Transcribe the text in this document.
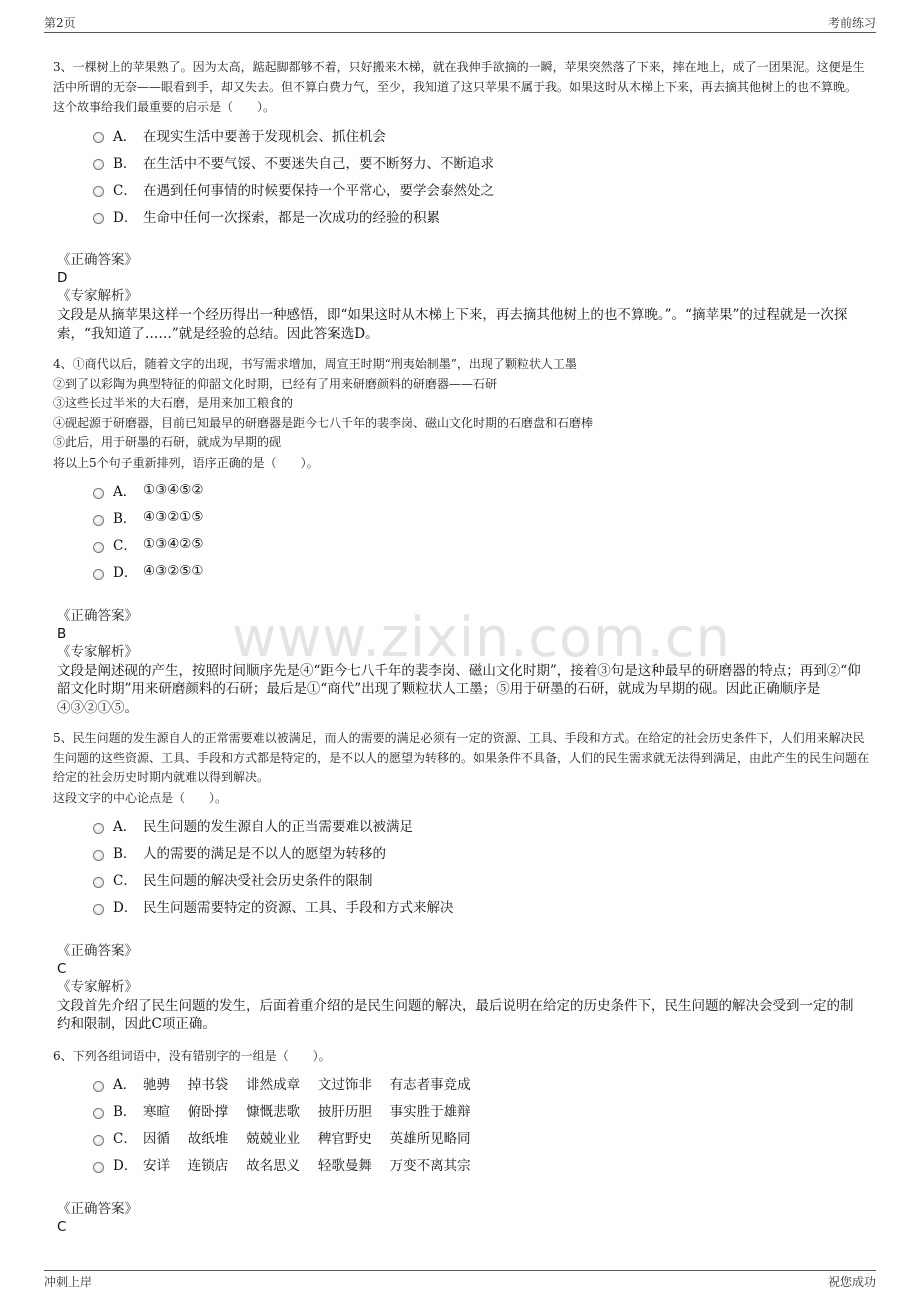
第2页	考前练习
www.zixin.com.cn
3、一棵树上的苹果熟了。因为太高，踮起脚都够不着，只好搬来木梯，就在我伸手欲摘的一瞬，苹果突然落了下来，摔在地上，成了一团果泥。这便是生活中所谓的无奈——眼看到手，却又失去。但不算白费力气，至少，我知道了这只苹果不属于我。如果这时从木梯上下来，再去摘其他树上的也不算晚。
这个故事给我们最重要的启示是（　　）。
A． 在现实生活中要善于发现机会、抓住机会
B． 在生活中不要气馁、不要迷失自己，要不断努力、不断追求
C． 在遇到任何事情的时候要保持一个平常心，要学会泰然处之
D． 生命中任何一次探索，都是一次成功的经验的积累
《正确答案》
D
《专家解析》
文段是从摘苹果这样一个经历得出一种感悟，即“如果这时从木梯上下来，再去摘其他树上的也不算晚。”。“摘苹果”的过程就是一次探索，“我知道了……”就是经验的总结。因此答案选D。
4、①商代以后，随着文字的出现，书写需求增加，周宣王时期“刑夷始制墨”，出现了颗粒状人工墨
②到了以彩陶为典型特征的仰韶文化时期，已经有了用来研磨颜料的研磨器——石研
③这些长过半米的大石磨，是用来加工粮食的
④砚起源于研磨器，目前已知最早的研磨器是距今七八千年的裴李岗、磁山文化时期的石磨盘和石磨棒
⑤此后，用于研墨的石研，就成为早期的砚
将以上5个句子重新排列，语序正确的是（　　）。
A． ①③④⑤②
B． ④③②①⑤
C． ①③④②⑤
D． ④③②⑤①
《正确答案》
B
《专家解析》
文段是阐述砚的产生，按照时间顺序先是④“距今七八千年的裴李岗、磁山文化时期”，接着③句是这种最早的研磨器的特点；再到②“仰韶文化时期”用来研磨颜料的石研；最后是①“商代”出现了颗粒状人工墨；⑤用于研墨的石研，就成为早期的砚。因此正确顺序是④③②①⑤。
5、民生问题的发生源自人的正常需要难以被满足，而人的需要的满足必须有一定的资源、工具、手段和方式。在给定的社会历史条件下，人们用来解决民生问题的这些资源、工具、手段和方式都是特定的，是不以人的愿望为转移的。如果条件不具备，人们的民生需求就无法得到满足，由此产生的民生问题在给定的社会历史时期内就难以得到解决。
这段文字的中心论点是（　　）。
A． 民生问题的发生源自人的正当需要难以被满足
B． 人的需要的满足是不以人的愿望为转移的
C． 民生问题的解决受社会历史条件的限制
D． 民生问题需要特定的资源、工具、手段和方式来解决
《正确答案》
C
《专家解析》
文段首先介绍了民生问题的发生，后面着重介绍的是民生问题的解决，最后说明在给定的历史条件下，民生问题的解决会受到一定的制约和限制，因此C项正确。
6、下列各组词语中，没有错别字的一组是（　　）。
A． 驰骋　 掉书袋　 诽然成章　 文过饰非　 有志者事竞成
B． 寒暄　 俯卧撑　 慷慨悲歌　 披肝历胆　 事实胜于雄辩
C． 因循　 故纸堆　 兢兢业业　 稗官野史　 英雄所见略同
D． 安详　 连锁店　 故名思义　 轻歌曼舞　 万变不离其宗
《正确答案》
C
冲刺上岸	祝您成功
